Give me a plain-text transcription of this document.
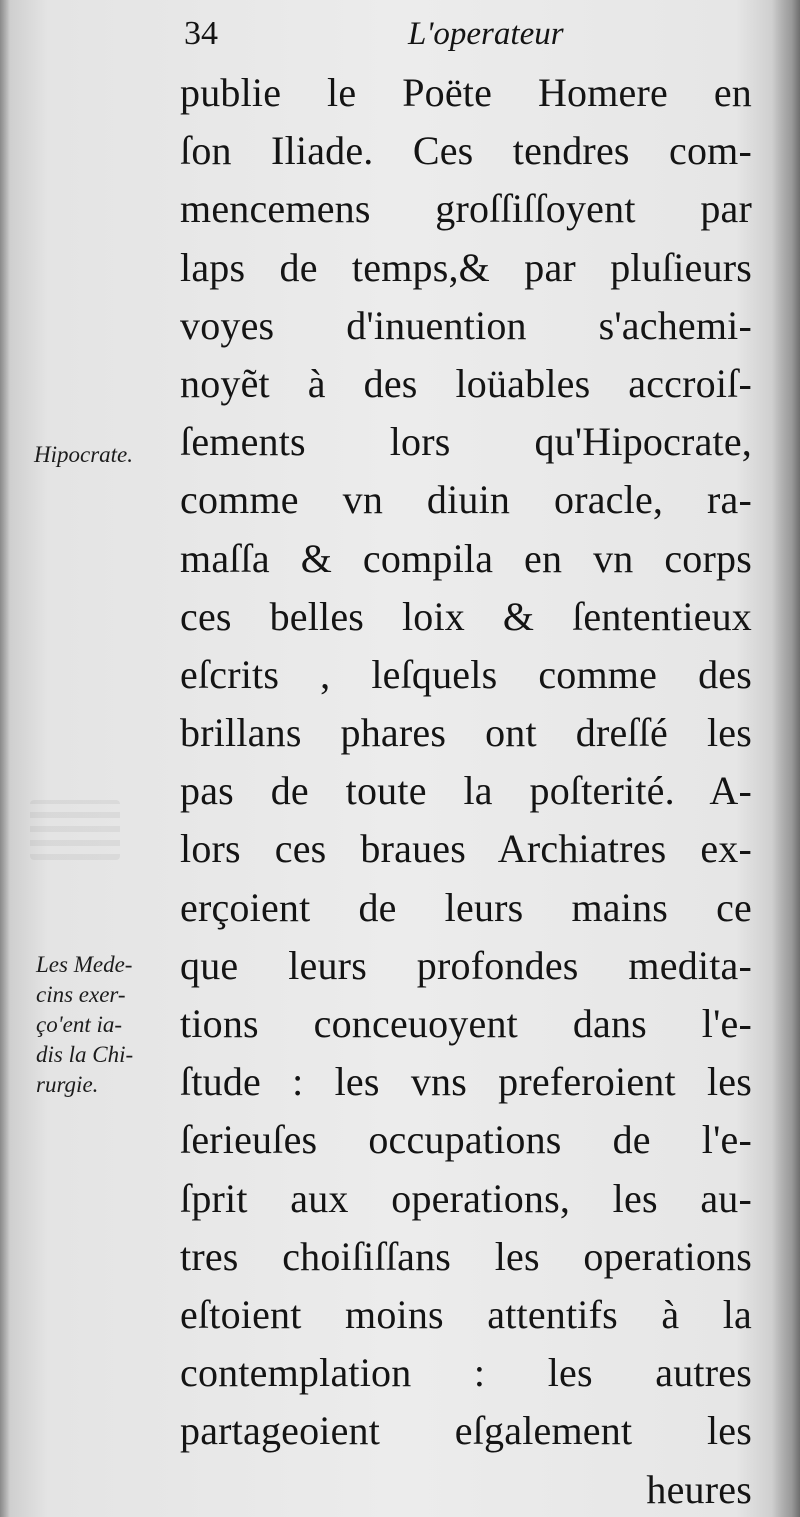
34	L'operateur
publie le Poëte Homere en
ſon Iliade. Ces tendres com-
mencemens groſſiſſoyent par
laps de temps,& par pluſieurs
voyes d'inuention s'achemi-
noyẽt à des loüables accroiſ-
ſements lors qu'Hipocrate,
comme vn diuin oracle, ra-
maſſa & compila en vn corps
ces belles loix & ſententieux
eſcrits , leſquels comme des
brillans phares ont dreſſé les
pas de toute la poſterité. A-
lors ces braues Archiatres ex-
erçoient de leurs mains ce
que leurs profondes medita-
tions conceuoyent dans l'e-
ſtude : les vns preferoient les
ſerieuſes occupations de l'e-
ſprit aux operations, les au-
tres choiſiſſans les operations
eſtoient moins attentifs à la
contemplation : les autres
partageoient eſgalement les
heures
Hipocrate.
Les Mede-
cins exer-
ço'ent ia-
dis la Chi-
rurgie.
